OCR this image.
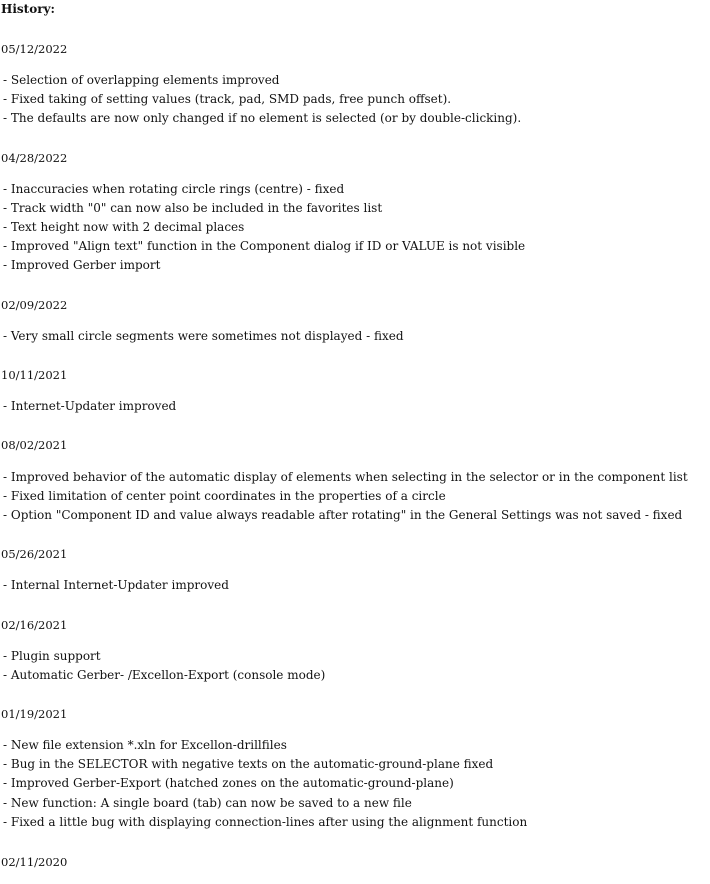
History:
05/12/2022
- Selection of overlapping elements improved
- Fixed taking of setting values (track, pad, SMD pads, free punch offset).
- The defaults are now only changed if no element is selected (or by double-clicking).
04/28/2022
- Inaccuracies when rotating circle rings (centre) - fixed
- Track width "0" can now also be included in the favorites list
- Text height now with 2 decimal places
- Improved "Align text" function in the Component dialog if ID or VALUE is not visible
- Improved Gerber import
02/09/2022
- Very small circle segments were sometimes not displayed - fixed
10/11/2021
- Internet-Updater improved
08/02/2021
- Improved behavior of the automatic display of elements when selecting in the selector or in the component list
- Fixed limitation of center point coordinates in the properties of a circle
- Option "Component ID and value always readable after rotating" in the General Settings was not saved - fixed
05/26/2021
- Internal Internet-Updater improved
02/16/2021
- Plugin support
- Automatic Gerber- /Excellon-Export (console mode)
01/19/2021
- New file extension *.xln for Excellon-drillfiles
- Bug in the SELECTOR with negative texts on the automatic-ground-plane fixed
- Improved Gerber-Export (hatched zones on the automatic-ground-plane)
- New function: A single board (tab) can now be saved to a new file
- Fixed a little bug with displaying connection-lines after using the alignment function
02/11/2020
